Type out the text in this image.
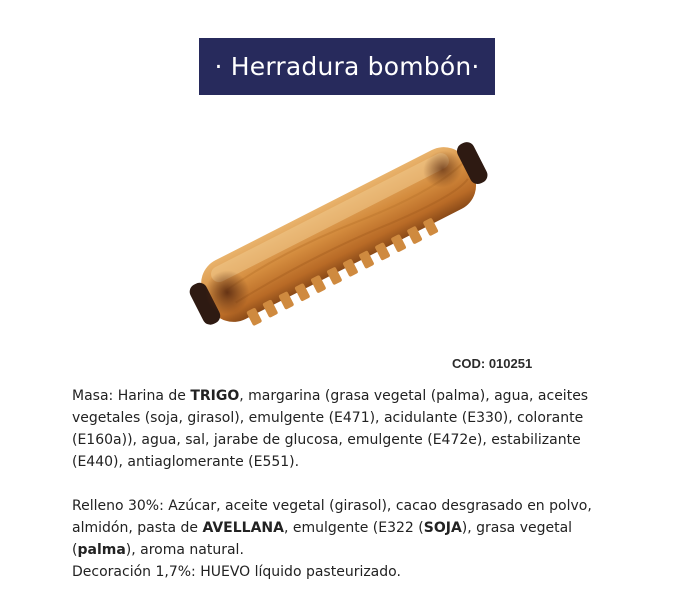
· Herradura bombón·
COD: 010251

Masa: Harina de TRIGO, margarina (grasa vegetal (palma), agua, aceites vegetales (soja, girasol), emulgente (E471), acidulante (E330), colorante (E160a)), agua, sal, jarabe de glucosa, emulgente (E472e), estabilizante (E440), antiaglomerante (E551).

Relleno 30%: Azúcar, aceite vegetal (girasol), cacao desgrasado en polvo, almidón, pasta de AVELLANA, emulgente (E322 (SOJA), grasa vegetal (palma), aroma natural.

Decoración 1,7%: HUEVO líquido pasteurizado.
